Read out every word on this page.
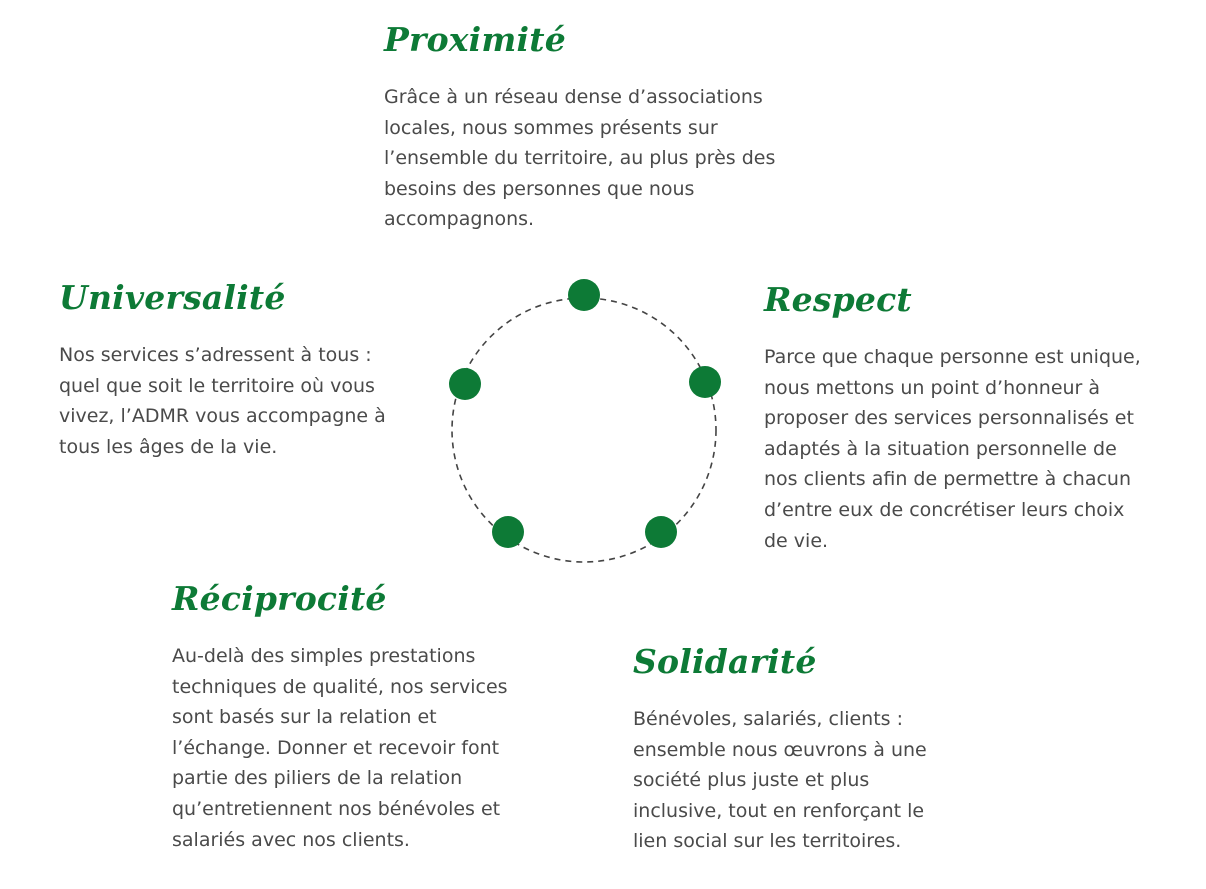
Proximité

Grâce à un réseau dense d’associations locales, nous sommes présents sur l’ensemble du territoire, au plus près des besoins des personnes que nous accompagnons.

Universalité

Nos services s’adressent à tous : quel que soit le territoire où vous vivez, l’ADMR vous accompagne à tous les âges de la vie.

Respect

Parce que chaque personne est unique, nous mettons un point d’honneur à proposer des services personnalisés et adaptés à la situation personnelle de nos clients afin de permettre à chacun d’entre eux de concrétiser leurs choix de vie.

Réciprocité

Au-delà des simples prestations techniques de qualité, nos services sont basés sur la relation et l’échange. Donner et recevoir font partie des piliers de la relation qu’entretiennent nos bénévoles et salariés avec nos clients.

Solidarité

Bénévoles, salariés, clients : ensemble nous œuvrons à une société plus juste et plus inclusive, tout en renforçant le lien social sur les territoires.
